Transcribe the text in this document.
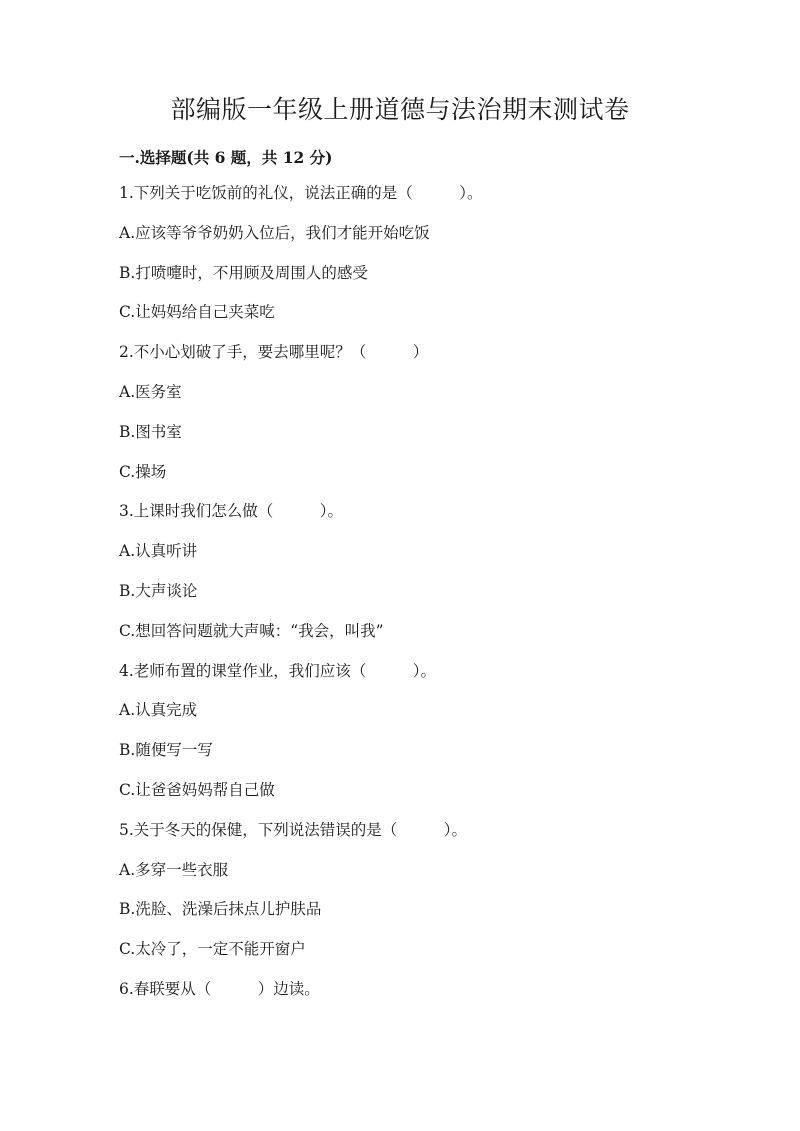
部编版一年级上册道德与法治期末测试卷
一.选择题(共 6 题，共 12 分)
1.下列关于吃饭前的礼仪，说法正确的是（　　　）。
A.应该等爷爷奶奶入位后，我们才能开始吃饭
B.打喷嚏时，不用顾及周围人的感受
C.让妈妈给自己夹菜吃
2.不小心划破了手，要去哪里呢？（　　　）
A.医务室
B.图书室
C.操场
3.上课时我们怎么做（　　　）。
A.认真听讲
B.大声谈论
C.想回答问题就大声喊：“我会，叫我”
4.老师布置的课堂作业，我们应该（　　　）。
A.认真完成
B.随便写一写
C.让爸爸妈妈帮自己做
5.关于冬天的保健，下列说法错误的是（　　　）。
A.多穿一些衣服
B.洗脸、洗澡后抹点儿护肤品
C.太冷了，一定不能开窗户
6.春联要从（　　　）边读。
